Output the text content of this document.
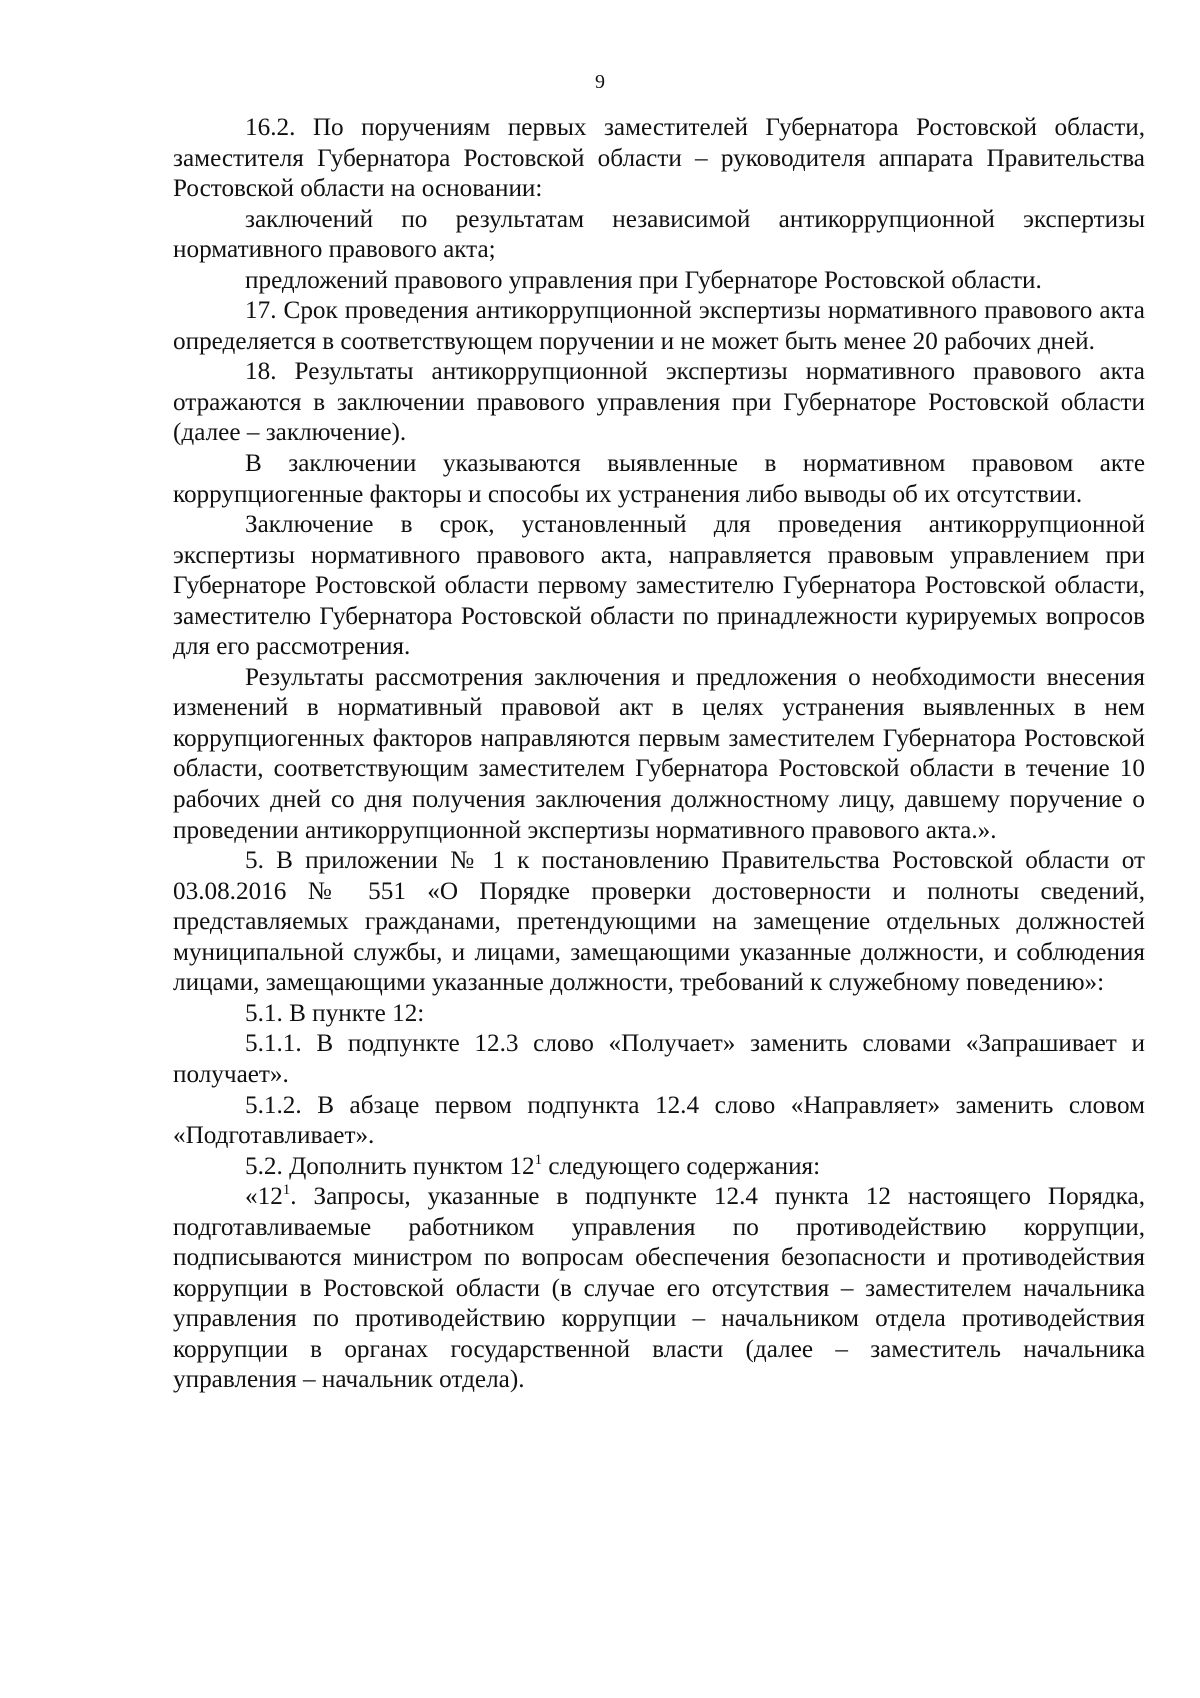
9

16.2. По поручениям первых заместителей Губернатора Ростовской области, заместителя Губернатора Ростовской области – руководителя аппарата Правительства Ростовской области на основании:

заключений по результатам независимой антикоррупционной экспертизы нормативного правового акта;

предложений правового управления при Губернаторе Ростовской области.

17. Срок проведения антикоррупционной экспертизы нормативного правового акта определяется в соответствующем поручении и не может быть менее 20 рабочих дней.

18. Результаты антикоррупционной экспертизы нормативного правового акта отражаются в заключении правового управления при Губернаторе Ростовской области (далее – заключение).

В заключении указываются выявленные в нормативном правовом акте коррупциогенные факторы и способы их устранения либо выводы об их отсутствии.

Заключение в срок, установленный для проведения антикоррупционной экспертизы нормативного правового акта, направляется правовым управлением при Губернаторе Ростовской области первому заместителю Губернатора Ростовской области, заместителю Губернатора Ростовской области по принадлежности курируемых вопросов для его рассмотрения.

Результаты рассмотрения заключения и предложения о необходимости внесения изменений в нормативный правовой акт в целях устранения выявленных в нем коррупциогенных факторов направляются первым заместителем Губернатора Ростовской области, соответствующим заместителем Губернатора Ростовской области в течение 10 рабочих дней со дня получения заключения должностному лицу, давшему поручение о проведении антикоррупционной экспертизы нормативного правового акта.».

5. В приложении № 1 к постановлению Правительства Ростовской области от 03.08.2016 № 551 «О Порядке проверки достоверности и полноты сведений, представляемых гражданами, претендующими на замещение отдельных должностей муниципальной службы, и лицами, замещающими указанные должности, и соблюдения лицами, замещающими указанные должности, требований к служебному поведению»:

5.1. В пункте 12:

5.1.1. В подпункте 12.3 слово «Получает» заменить словами «Запрашивает и получает».

5.1.2. В абзаце первом подпункта 12.4 слово «Направляет» заменить словом «Подготавливает».

5.2. Дополнить пунктом $12^1$ следующего содержания:

«$12^1$. Запросы, указанные в подпункте 12.4 пункта 12 настоящего Порядка, подготавливаемые работником управления по противодействию коррупции, подписываются министром по вопросам обеспечения безопасности и противодействия коррупции в Ростовской области (в случае его отсутствия – заместителем начальника управления по противодействию коррупции – начальником отдела противодействия коррупции в органах государственной власти (далее – заместитель начальника управления – начальник отдела).
